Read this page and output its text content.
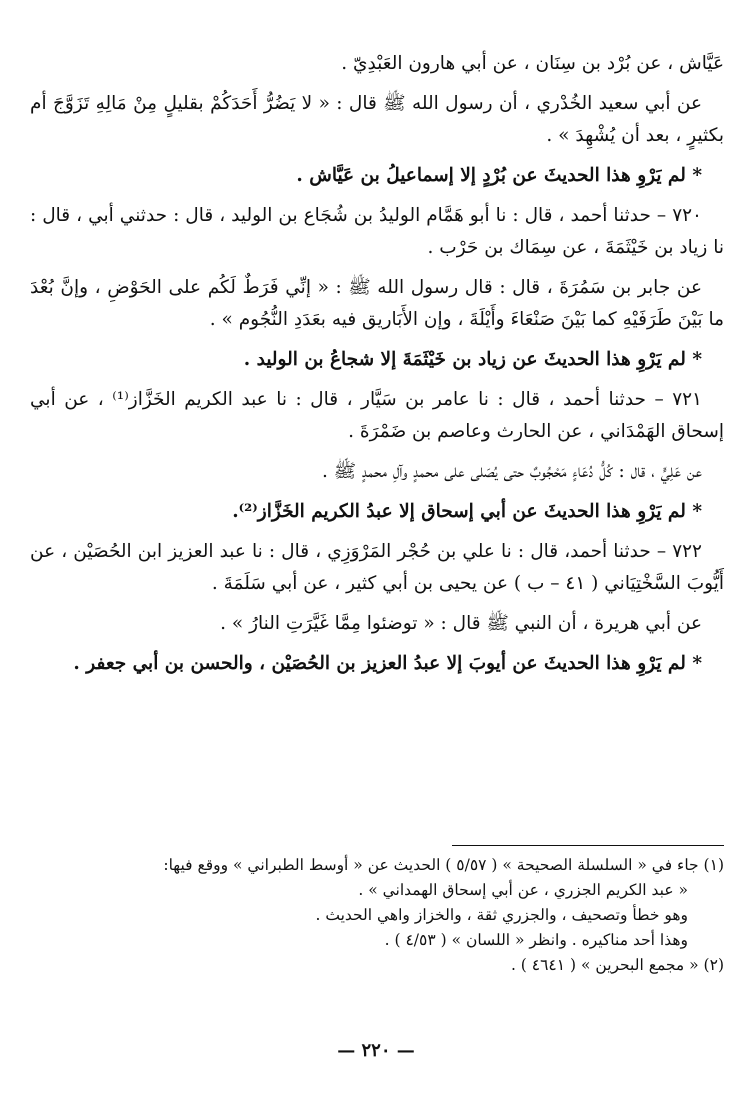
عَيَّاش ، عن بُرْد بن سِنَان ، عن أبي هارون العَبْدِيّ .

عن أبي سعيد الخُدْري ، أن رسول الله ﷺ قال : « لا يَضُرُّ أَحَدَكُمْ بقليلٍ مِنْ مَالِهِ تَزَوَّجَ أم بكثيرٍ ، بعد أن يُشْهِدَ » .

* لم يَرْوِ هذا الحديثَ عن بُرْدٍ إلا إسماعيلُ بن عَيَّاش .

٧٢٠ – حدثنا أحمد ، قال : نا أبو هَمَّام الوليدُ بن شُجَاع بن الوليد ، قال : حدثني أبي ، قال : نا زياد بن خَيْثَمَةَ ، عن سِمَاك بن حَرْب .

عن جابر بن سَمُرَةَ ، قال : قال رسول الله ﷺ : « إنِّي فَرَطٌ لَكُم على الحَوْضِ ، وإنَّ بُعْدَ ما بَيْنَ طَرَفَيْهِ كما بَيْنَ صَنْعَاءَ وأَيْلَةَ ، وإن الأَبَاريق فيه بعَدَدِ النُّجُوم » .

* لم يَرْوِ هذا الحديثَ عن زياد بن خَيْثَمَةَ إلا شجاعُ بن الوليد .

٧٢١ – حدثنا أحمد ، قال : نا عامر بن سَيَّار ، قال : نا عبد الكريم الخَزَّاز⁽¹⁾ ، عن أبي إسحاق الهَمْدَاني ، عن الحارث وعاصم بن ضَمْرَةَ .

عن عَلِيٍّ ، قال : كُلُّ دُعَاءٍ مَحْجُوبٌ حتى يُصَلى على محمدٍ وآلِ محمدٍ ﷺ .

* لم يَرْوِ هذا الحديثَ عن أبي إسحاق إلا عبدُ الكريم الخَزَّاز⁽²⁾.

٧٢٢ – حدثنا أحمد، قال : نا علي بن حُجْر المَرْوَزِي ، قال : نا عبد العزيز ابن الحُصَيْن ، عن أَيُّوبَ السَّخْتِيَاني ( ٤١ – ب ) عن يحيى بن أبي كثير ، عن أبي سَلَمَةَ .

عن أبي هريرة ، أن النبي ﷺ قال : « توضئوا مِمَّا غَيَّرَتِ النارُ » .

* لم يَرْوِ هذا الحديثَ عن أيوبَ إلا عبدُ العزيز بن الحُصَيْن ، والحسن بن أبي جعفر .

(١) جاء في « السلسلة الصحيحة » ( ٥/٥٧ ) الحديث عن « أوسط الطبراني » ووقع فيها:

« عبد الكريم الجزري ، عن أبي إسحاق الهمداني » .

وهو خطأ وتصحيف ، والجزري ثقة ، والخزاز واهي الحديث .

وهذا أحد مناكيره . وانظر « اللسان » ( ٤/٥٣ ) .

(٢) « مجمع البحرين » ( ٤٦٤١ ) .

— ٢٢٠ —
